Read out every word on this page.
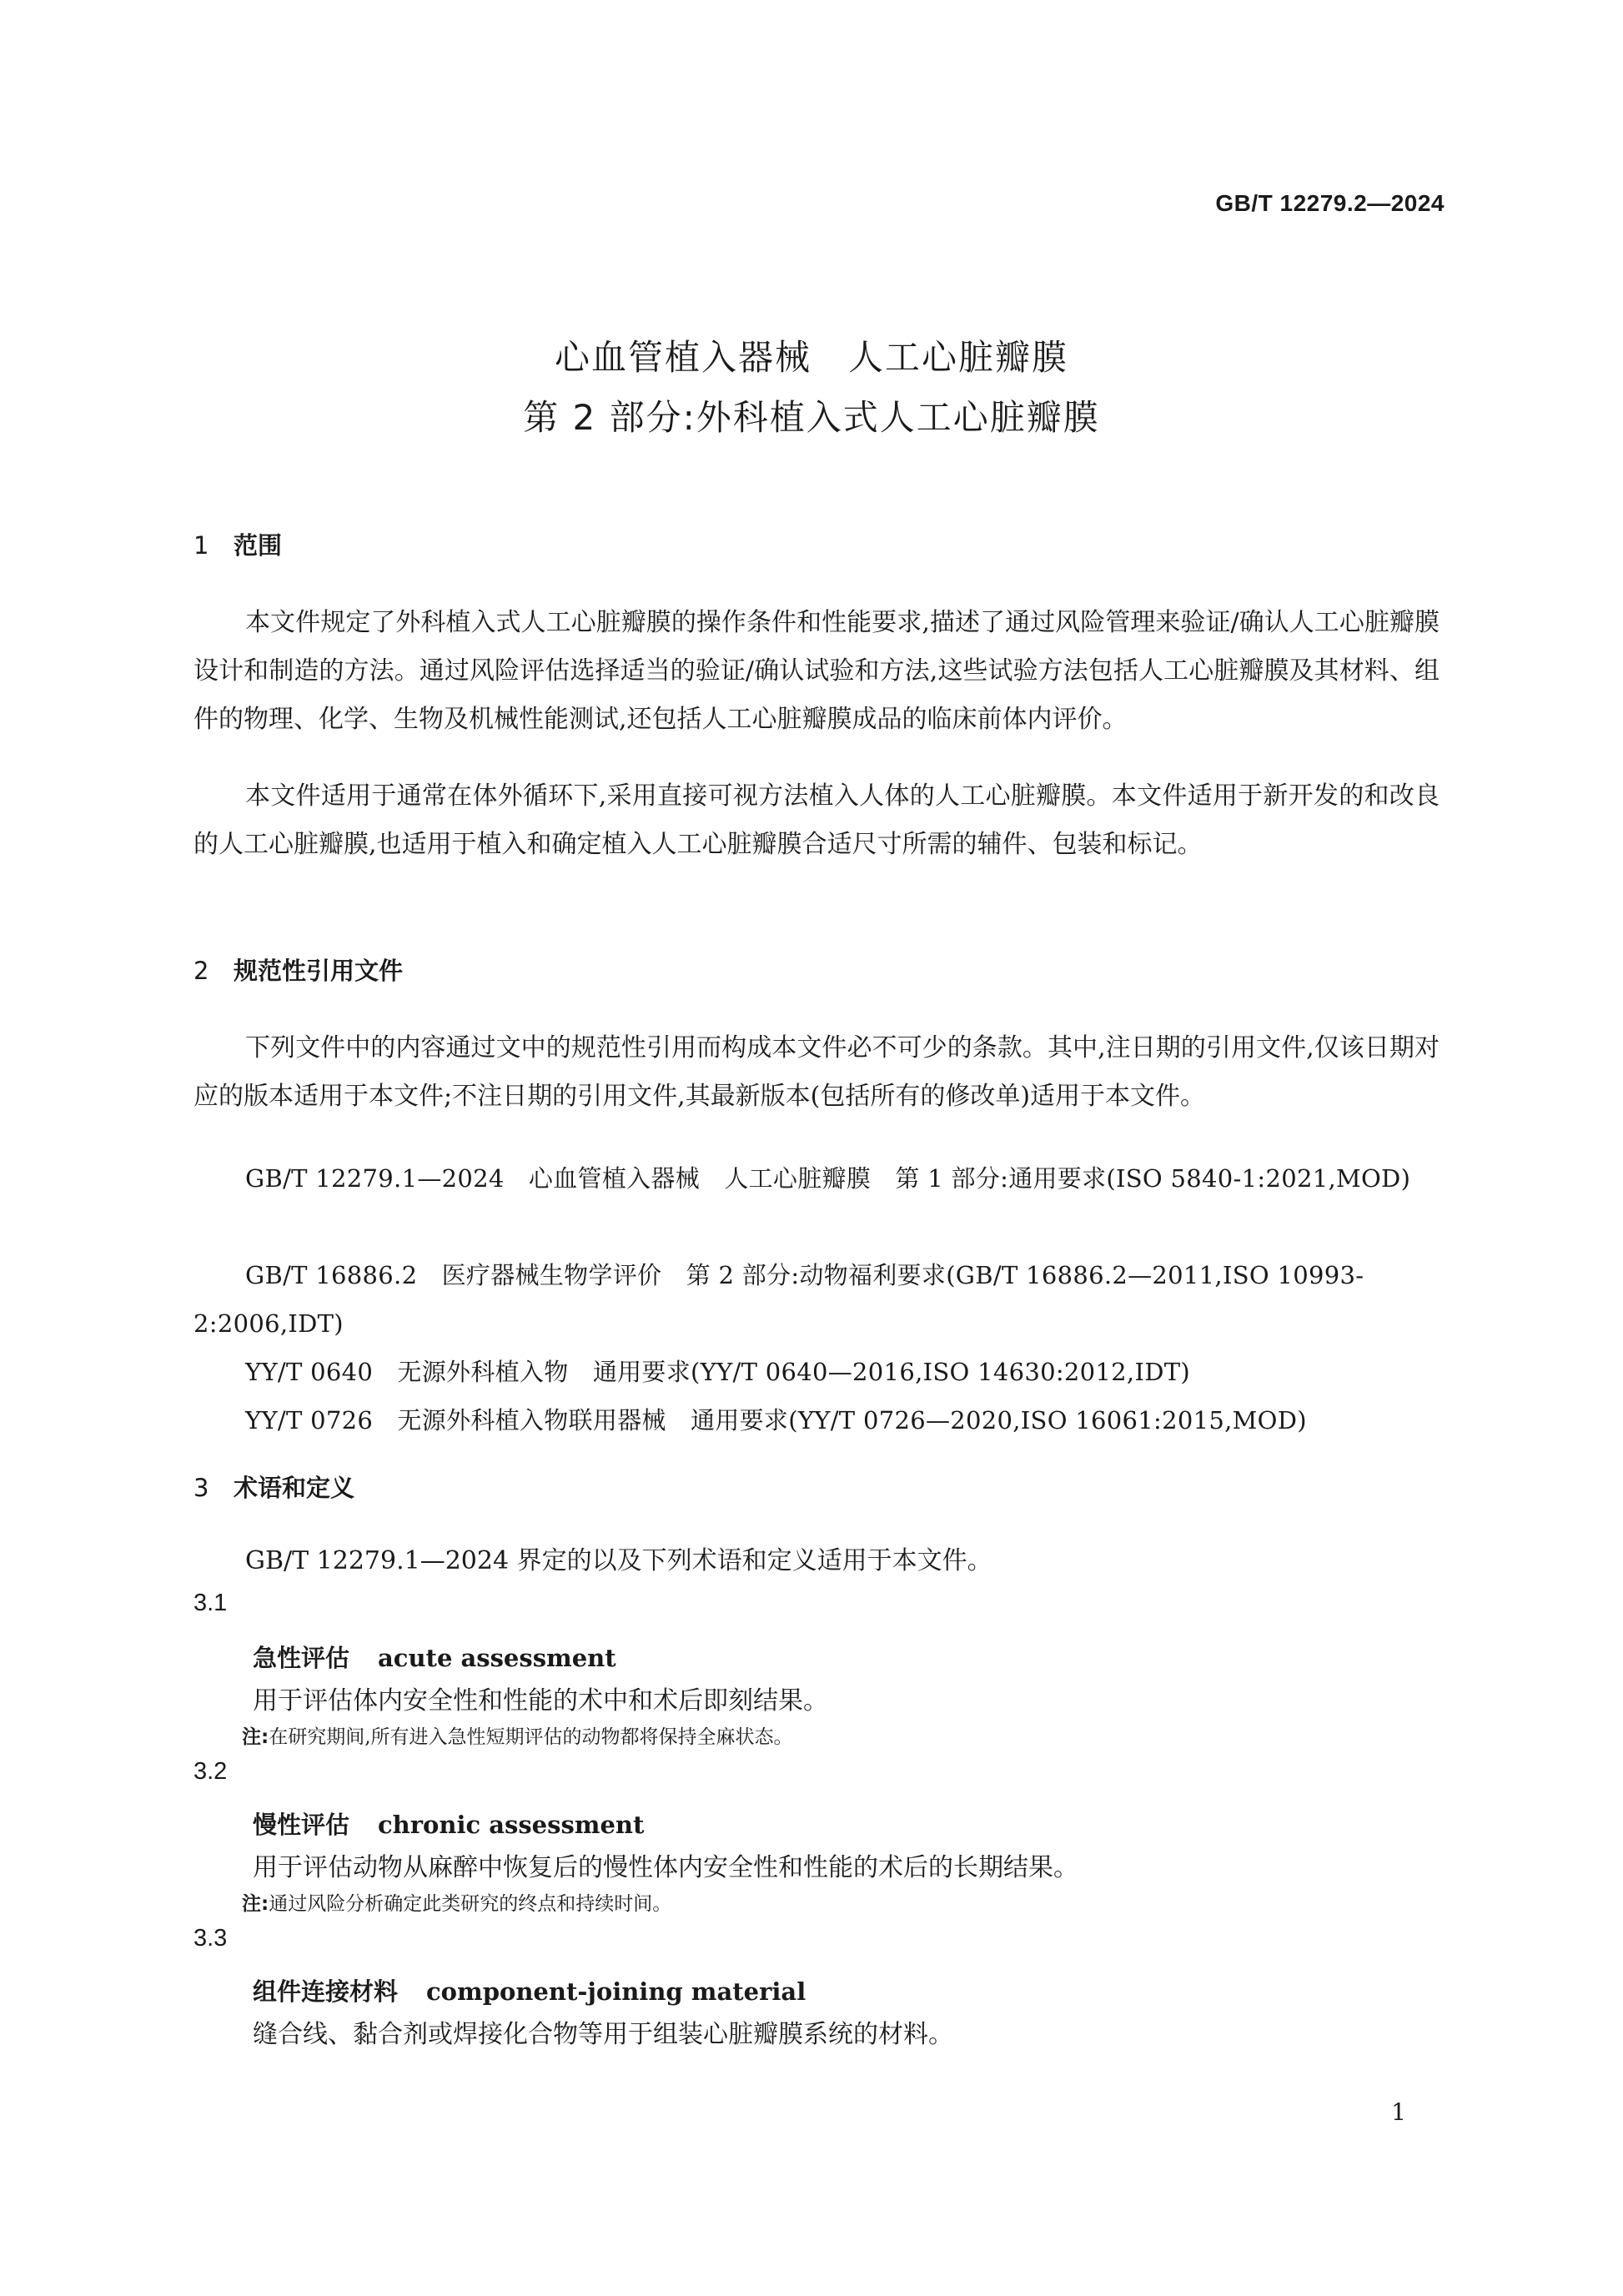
GB/T 12279.2—2024
心血管植入器械　人工心脏瓣膜
第 2 部分:外科植入式人工心脏瓣膜
1 范围

本文件规定了外科植入式人工心脏瓣膜的操作条件和性能要求,描述了通过风险管理来验证/确认人工心脏瓣膜设计和制造的方法。通过风险评估选择适当的验证/确认试验和方法,这些试验方法包括人工心脏瓣膜及其材料、组件的物理、化学、生物及机械性能测试,还包括人工心脏瓣膜成品的临床前体内评价。

本文件适用于通常在体外循环下,采用直接可视方法植入人体的人工心脏瓣膜。本文件适用于新开发的和改良的人工心脏瓣膜,也适用于植入和确定植入人工心脏瓣膜合适尺寸所需的辅件、包装和标记。

2 规范性引用文件

下列文件中的内容通过文中的规范性引用而构成本文件必不可少的条款。其中,注日期的引用文件,仅该日期对应的版本适用于本文件;不注日期的引用文件,其最新版本(包括所有的修改单)适用于本文件。

GB/T 12279.1—2024　心血管植入器械　人工心脏瓣膜　第 1 部分:通用要求(ISO 5840-1:2021,MOD)

GB/T 16886.2　医疗器械生物学评价　第 2 部分:动物福利要求(GB/T 16886.2—2011,ISO 10993-2:2006,IDT)

YY/T 0640　无源外科植入物　通用要求(YY/T 0640—2016,ISO 14630:2012,IDT)

YY/T 0726　无源外科植入物联用器械　通用要求(YY/T 0726—2020,ISO 16061:2015,MOD)

3 术语和定义
GB/T 12279.1—2024 界定的以及下列术语和定义适用于本文件。
3.1
急性评估 acute assessment
用于评估体内安全性和性能的术中和术后即刻结果。
注:在研究期间,所有进入急性短期评估的动物都将保持全麻状态。
3.2
慢性评估 chronic assessment
用于评估动物从麻醉中恢复后的慢性体内安全性和性能的术后的长期结果。
注:通过风险分析确定此类研究的终点和持续时间。
3.3
组件连接材料 component-joining material
缝合线、黏合剂或焊接化合物等用于组装心脏瓣膜系统的材料。
1
